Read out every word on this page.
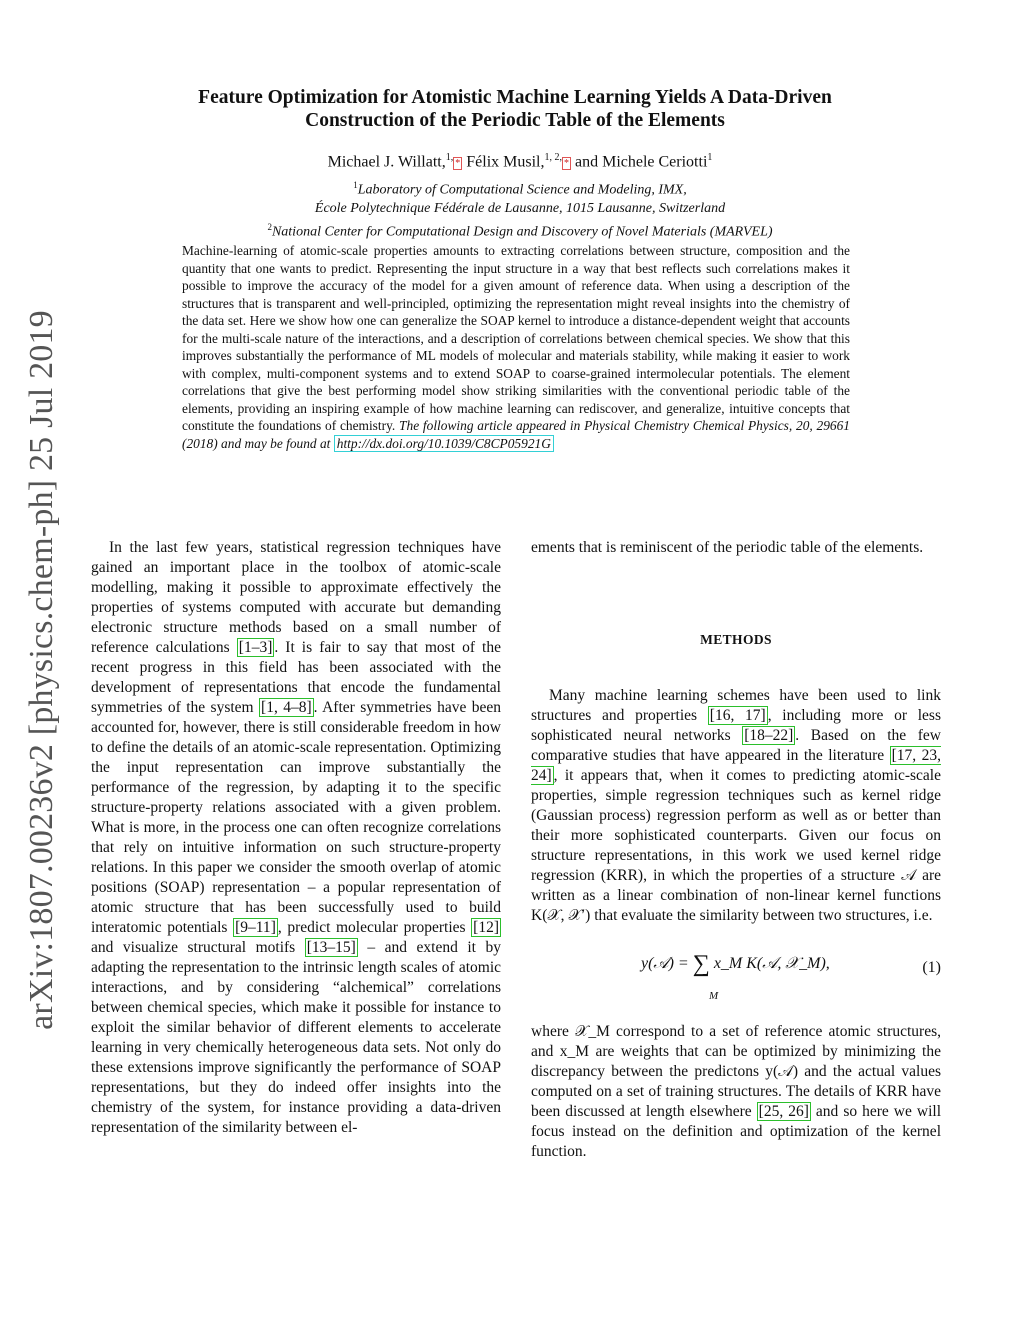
arXiv:1807.00236v2 [physics.chem-ph] 25 Jul 2019
Feature Optimization for Atomistic Machine Learning Yields A Data-Driven
Construction of the Periodic Table of the Elements
Michael J. Willatt,$^{1,}$* Félix Musil,$^{1, 2,}$* and Michele Ceriotti$^1$
$^1$Laboratory of Computational Science and Modeling, IMX,
École Polytechnique Fédérale de Lausanne, 1015 Lausanne, Switzerland
$^2$National Center for Computational Design and Discovery of Novel Materials (MARVEL)
Machine-learning of atomic-scale properties amounts to extracting correlations between structure, composition and the quantity that one wants to predict. Representing the input structure in a way that best reflects such correlations makes it possible to improve the accuracy of the model for a given amount of reference data. When using a description of the structures that is transparent and well-principled, optimizing the representation might reveal insights into the chemistry of the data set. Here we show how one can generalize the SOAP kernel to introduce a distance-dependent weight that accounts for the multi-scale nature of the interactions, and a description of correlations between chemical species. We show that this improves substantially the performance of ML models of molecular and materials stability, while making it easier to work with complex, multi-component systems and to extend SOAP to coarse-grained intermolecular potentials. The element correlations that give the best performing model show striking similarities with the conventional periodic table of the elements, providing an inspiring example of how machine learning can rediscover, and generalize, intuitive concepts that constitute the foundations of chemistry. The following article appeared in Physical Chemistry Chemical Physics, 20, 29661 (2018) and may be found at http://dx.doi.org/10.1039/C8CP05921G

In the last few years, statistical regression techniques have gained an important place in the toolbox of atomic-scale modelling, making it possible to approximate effectively the properties of systems computed with accurate but demanding electronic structure methods based on a small number of reference calculations [ 1–3 ] . It is fair to say that most of the recent progress in this field has been associated with the development of representations that encode the fundamental symmetries of the system [ 1, 4–8 ] . After symmetries have been accounted for, however, there is still considerable freedom in how to define the details of an atomic-scale representation. Optimizing the input representation can improve substantially the performance of the regression, by adapting it to the specific structure-property relations associated with a given problem. What is more, in the process one can often recognize correlations that rely on intuitive information on such structure-property relations. In this paper we consider the smooth overlap of atomic positions (SOAP) representation – a popular representation of atomic structure that has been successfully used to build interatomic potentials [ 9–11 ] , predict molecular properties [ 12 ] and visualize structural motifs [ 13–15 ] – and extend it by adapting the representation to the intrinsic length scales of atomic interactions, and by considering “alchemical” correlations between chemical species, which make it possible for instance to exploit the similar behavior of different elements to accelerate learning in very chemically heterogeneous data sets. Not only do these extensions improve significantly the performance of SOAP representations, but they do indeed offer insights into the chemistry of the system, for instance providing a data-driven representation of the similarity between el-

ements that is reminiscent of the periodic table of the elements.

METHODS

Many machine learning schemes have been used to link structures and properties [ 16, 17 ] , including more or less sophisticated neural networks [ 18–22 ] . Based on the few comparative studies that have appeared in the literature [ 17, 23, 24 ] , it appears that, when it comes to predicting atomic-scale properties, simple regression techniques such as kernel ridge (Gaussian process) regression perform as well as or better than their more sophisticated counterparts. Given our focus on structure representations, in this work we used kernel ridge regression (KRR), in which the properties of a structure 𝒜 are written as a linear combination of non-linear kernel functions K(𝒳, 𝒳′) that evaluate the similarity between two structures, i.e.

y(𝒜) = ∑ x_M K(𝒜, 𝒳_M),
M
(1)

where 𝒳_M correspond to a set of reference atomic structures, and x_M are weights that can be optimized by minimizing the discrepancy between the predictons y(𝒜) and the actual values computed on a set of training structures. The details of KRR have been discussed at length elsewhere [ 25, 26 ] and so here we will focus instead on the definition and optimization of the kernel function.
